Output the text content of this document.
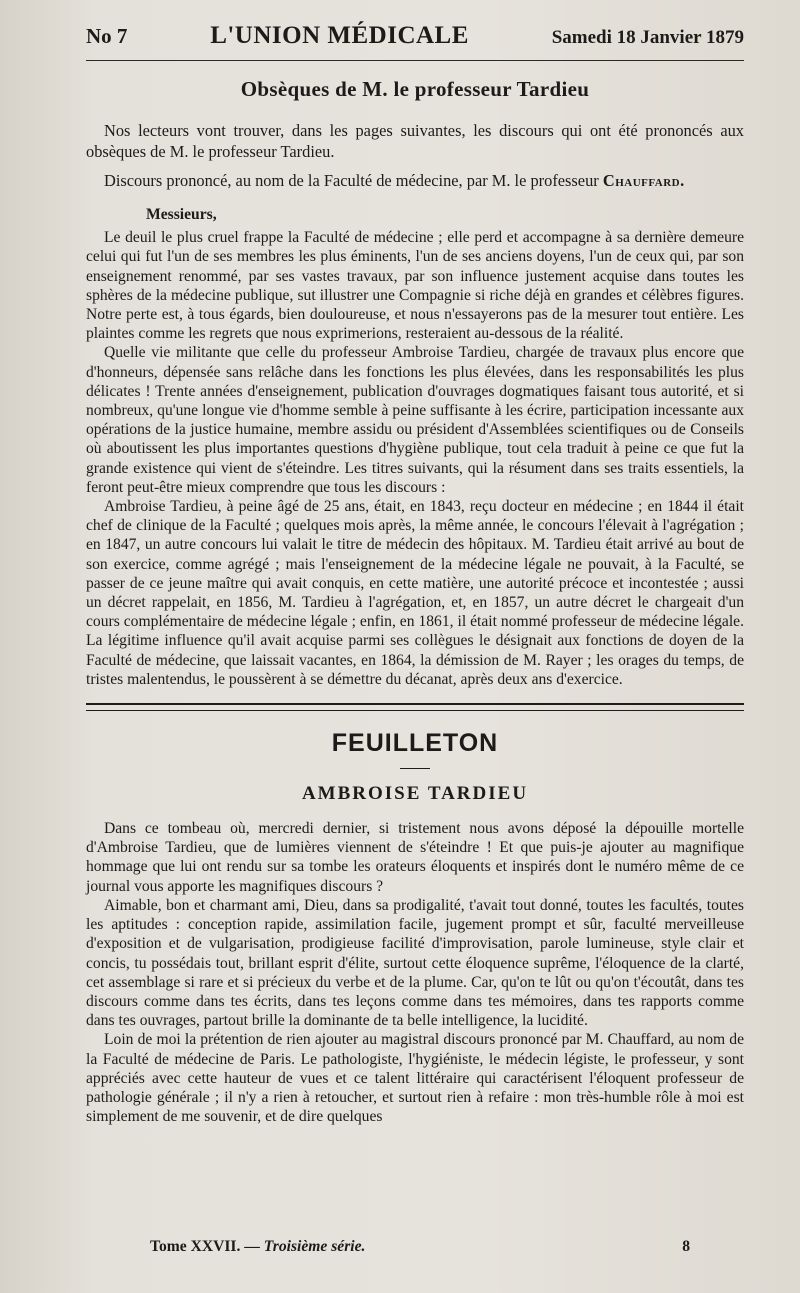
No 7	L'UNION MÉDICALE	Samedi 18 Janvier 1879
Obsèques de M. le professeur Tardieu

Nos lecteurs vont trouver, dans les pages suivantes, les discours qui ont été prononcés aux obsèques de M. le professeur Tardieu.

Discours prononcé, au nom de la Faculté de médecine, par M. le professeur Chauffard.

Messieurs,

Le deuil le plus cruel frappe la Faculté de médecine ; elle perd et accompagne à sa dernière demeure celui qui fut l'un de ses membres les plus éminents, l'un de ses anciens doyens, l'un de ceux qui, par son enseignement renommé, par ses vastes travaux, par son influence justement acquise dans toutes les sphères de la médecine publique, sut illustrer une Compagnie si riche déjà en grandes et célèbres figures. Notre perte est, à tous égards, bien douloureuse, et nous n'essayerons pas de la mesurer tout entière. Les plaintes comme les regrets que nous exprimerions, resteraient au-dessous de la réalité.

Quelle vie militante que celle du professeur Ambroise Tardieu, chargée de travaux plus encore que d'honneurs, dépensée sans relâche dans les fonctions les plus élevées, dans les responsabilités les plus délicates ! Trente années d'enseignement, publication d'ouvrages dogmatiques faisant tous autorité, et si nombreux, qu'une longue vie d'homme semble à peine suffisante à les écrire, participation incessante aux opérations de la justice humaine, membre assidu ou président d'Assemblées scientifiques ou de Conseils où aboutissent les plus importantes questions d'hygiène publique, tout cela traduit à peine ce que fut la grande existence qui vient de s'éteindre. Les titres suivants, qui la résument dans ses traits essentiels, la feront peut-être mieux comprendre que tous les discours :

Ambroise Tardieu, à peine âgé de 25 ans, était, en 1843, reçu docteur en médecine ; en 1844 il était chef de clinique de la Faculté ; quelques mois après, la même année, le concours l'élevait à l'agrégation ; en 1847, un autre concours lui valait le titre de médecin des hôpitaux. M. Tardieu était arrivé au bout de son exercice, comme agrégé ; mais l'enseignement de la médecine légale ne pouvait, à la Faculté, se passer de ce jeune maître qui avait conquis, en cette matière, une autorité précoce et incontestée ; aussi un décret rappelait, en 1856, M. Tardieu à l'agrégation, et, en 1857, un autre décret le chargeait d'un cours complémentaire de médecine légale ; enfin, en 1861, il était nommé professeur de médecine légale. La légitime influence qu'il avait acquise parmi ses collègues le désignait aux fonctions de doyen de la Faculté de médecine, que laissait vacantes, en 1864, la démission de M. Rayer ; les orages du temps, de tristes malentendus, le poussèrent à se démettre du décanat, après deux ans d'exercice.

FEUILLETON
AMBROISE TARDIEU

Dans ce tombeau où, mercredi dernier, si tristement nous avons déposé la dépouille mortelle d'Ambroise Tardieu, que de lumières viennent de s'éteindre ! Et que puis-je ajouter au magnifique hommage que lui ont rendu sur sa tombe les orateurs éloquents et inspirés dont le numéro même de ce journal vous apporte les magnifiques discours ?

Aimable, bon et charmant ami, Dieu, dans sa prodigalité, t'avait tout donné, toutes les facultés, toutes les aptitudes : conception rapide, assimilation facile, jugement prompt et sûr, faculté merveilleuse d'exposition et de vulgarisation, prodigieuse facilité d'improvisation, parole lumineuse, style clair et concis, tu possédais tout, brillant esprit d'élite, surtout cette éloquence suprême, l'éloquence de la clarté, cet assemblage si rare et si précieux du verbe et de la plume. Car, qu'on te lût ou qu'on t'écoutât, dans tes discours comme dans tes écrits, dans tes leçons comme dans tes mémoires, dans tes rapports comme dans tes ouvrages, partout brille la dominante de ta belle intelligence, la lucidité.

Loin de moi la prétention de rien ajouter au magistral discours prononcé par M. Chauffard, au nom de la Faculté de médecine de Paris. Le pathologiste, l'hygiéniste, le médecin légiste, le professeur, y sont appréciés avec cette hauteur de vues et ce talent littéraire qui caractérisent l'éloquent professeur de pathologie générale ; il n'y a rien à retoucher, et surtout rien à refaire : mon très-humble rôle à moi est simplement de me souvenir, et de dire quelques

Tome XXVII. — Troisième série.	8
